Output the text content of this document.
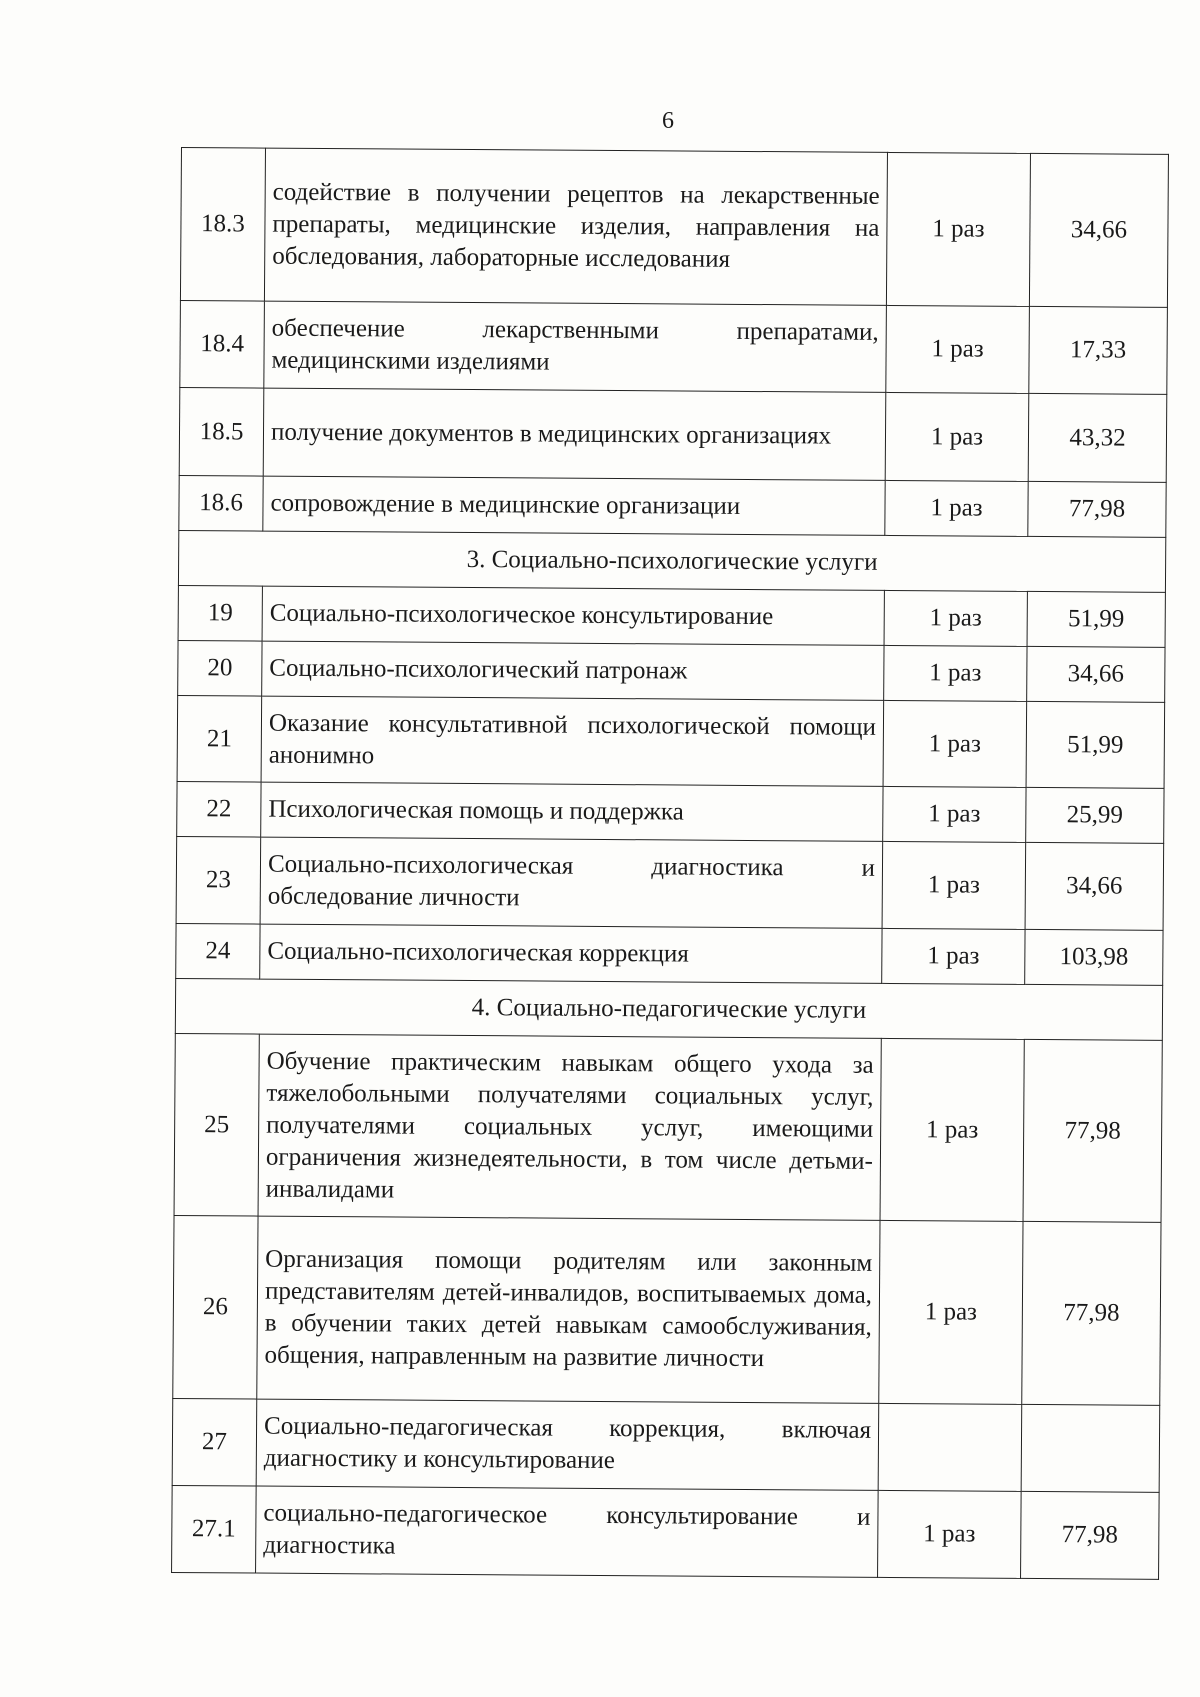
6
18.3	содействие в получении рецептов на лекарственные препараты, медицинские изделия, направления на обследования, лабораторные исследования	1 раз	34,66
18.4	обеспечение лекарственными препаратами, медицинскими изделиями	1 раз	17,33
18.5	получение документов в медицинских организациях	1 раз	43,32
18.6	сопровождение в медицинские организации	1 раз	77,98
3. Социально-психологические услуги			
19	Социально-психологическое консультирование	1 раз	51,99
20	Социально-психологический патронаж	1 раз	34,66
21	Оказание консультативной психологической помощи анонимно	1 раз	51,99
22	Психологическая помощь и поддержка	1 раз	25,99
23	Социально-психологическая диагностика и обследование личности	1 раз	34,66
24	Социально-психологическая коррекция	1 раз	103,98
4. Социально-педагогические услуги			
25	Обучение практическим навыкам общего ухода за тяжелобольными получателями социальных услуг, получателями социальных услуг, имеющими ограничения жизнедеятельности, в том числе детьми-инвалидами	1 раз	77,98
26	Организация помощи родителям или законным представителям детей-инвалидов, воспитываемых дома, в обучении таких детей навыкам самообслуживания, общения, направленным на развитие личности	1 раз	77,98
27	Социально-педагогическая коррекция, включая диагностику и консультирование		
27.1	социально-педагогическое консультирование и диагностика	1 раз	77,98
